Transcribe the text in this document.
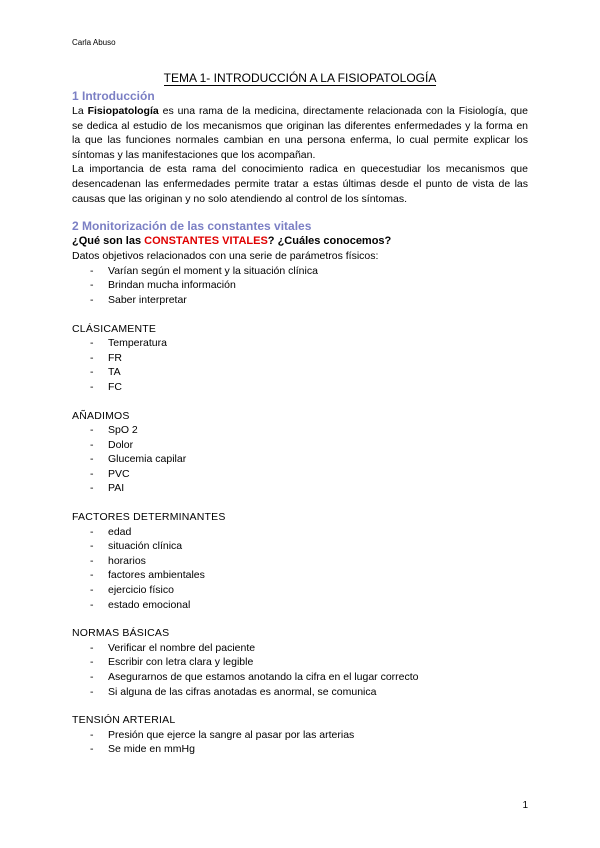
Carla Abuso
TEMA 1- INTRODUCCIÓN A LA FISIOPATOLOGÍA
1 Introducción

La Fisiopatología es una rama de la medicina, directamente relacionada con la Fisiología, que se dedica al estudio de los mecanismos que originan las diferentes enfermedades y la forma en la que las funciones normales cambian en una persona enferma, lo cual permite explicar los síntomas y las manifestaciones que los acompañan.

La importancia de esta rama del conocimiento radica en quecestudiar los mecanismos que desencadenan las enfermedades permite tratar a estas últimas desde el punto de vista de las causas que las originan y no solo atendiendo al control de los síntomas.

2 Monitorización de las constantes vitales
¿Qué son las CONSTANTES VITALES? ¿Cuáles conocemos?
Datos objetivos relacionados con una serie de parámetros físicos:
- Varían según el moment y la situación clínica
- Brindan mucha información
- Saber interpretar
CLÁSICAMENTE
- Temperatura
- FR
- TA
- FC
AÑADIMOS
- SpO 2
- Dolor
- Glucemia capilar
- PVC
- PAI
FACTORES DETERMINANTES
- edad
- situación clínica
- horarios
- factores ambientales
- ejercicio físico
- estado emocional
NORMAS BÁSICAS
- Verificar el nombre del paciente
- Escribir con letra clara y legible
- Asegurarnos de que estamos anotando la cifra en el lugar correcto
- Si alguna de las cifras anotadas es anormal, se comunica
TENSIÓN ARTERIAL
- Presión que ejerce la sangre al pasar por las arterias
- Se mide en mmHg
1
